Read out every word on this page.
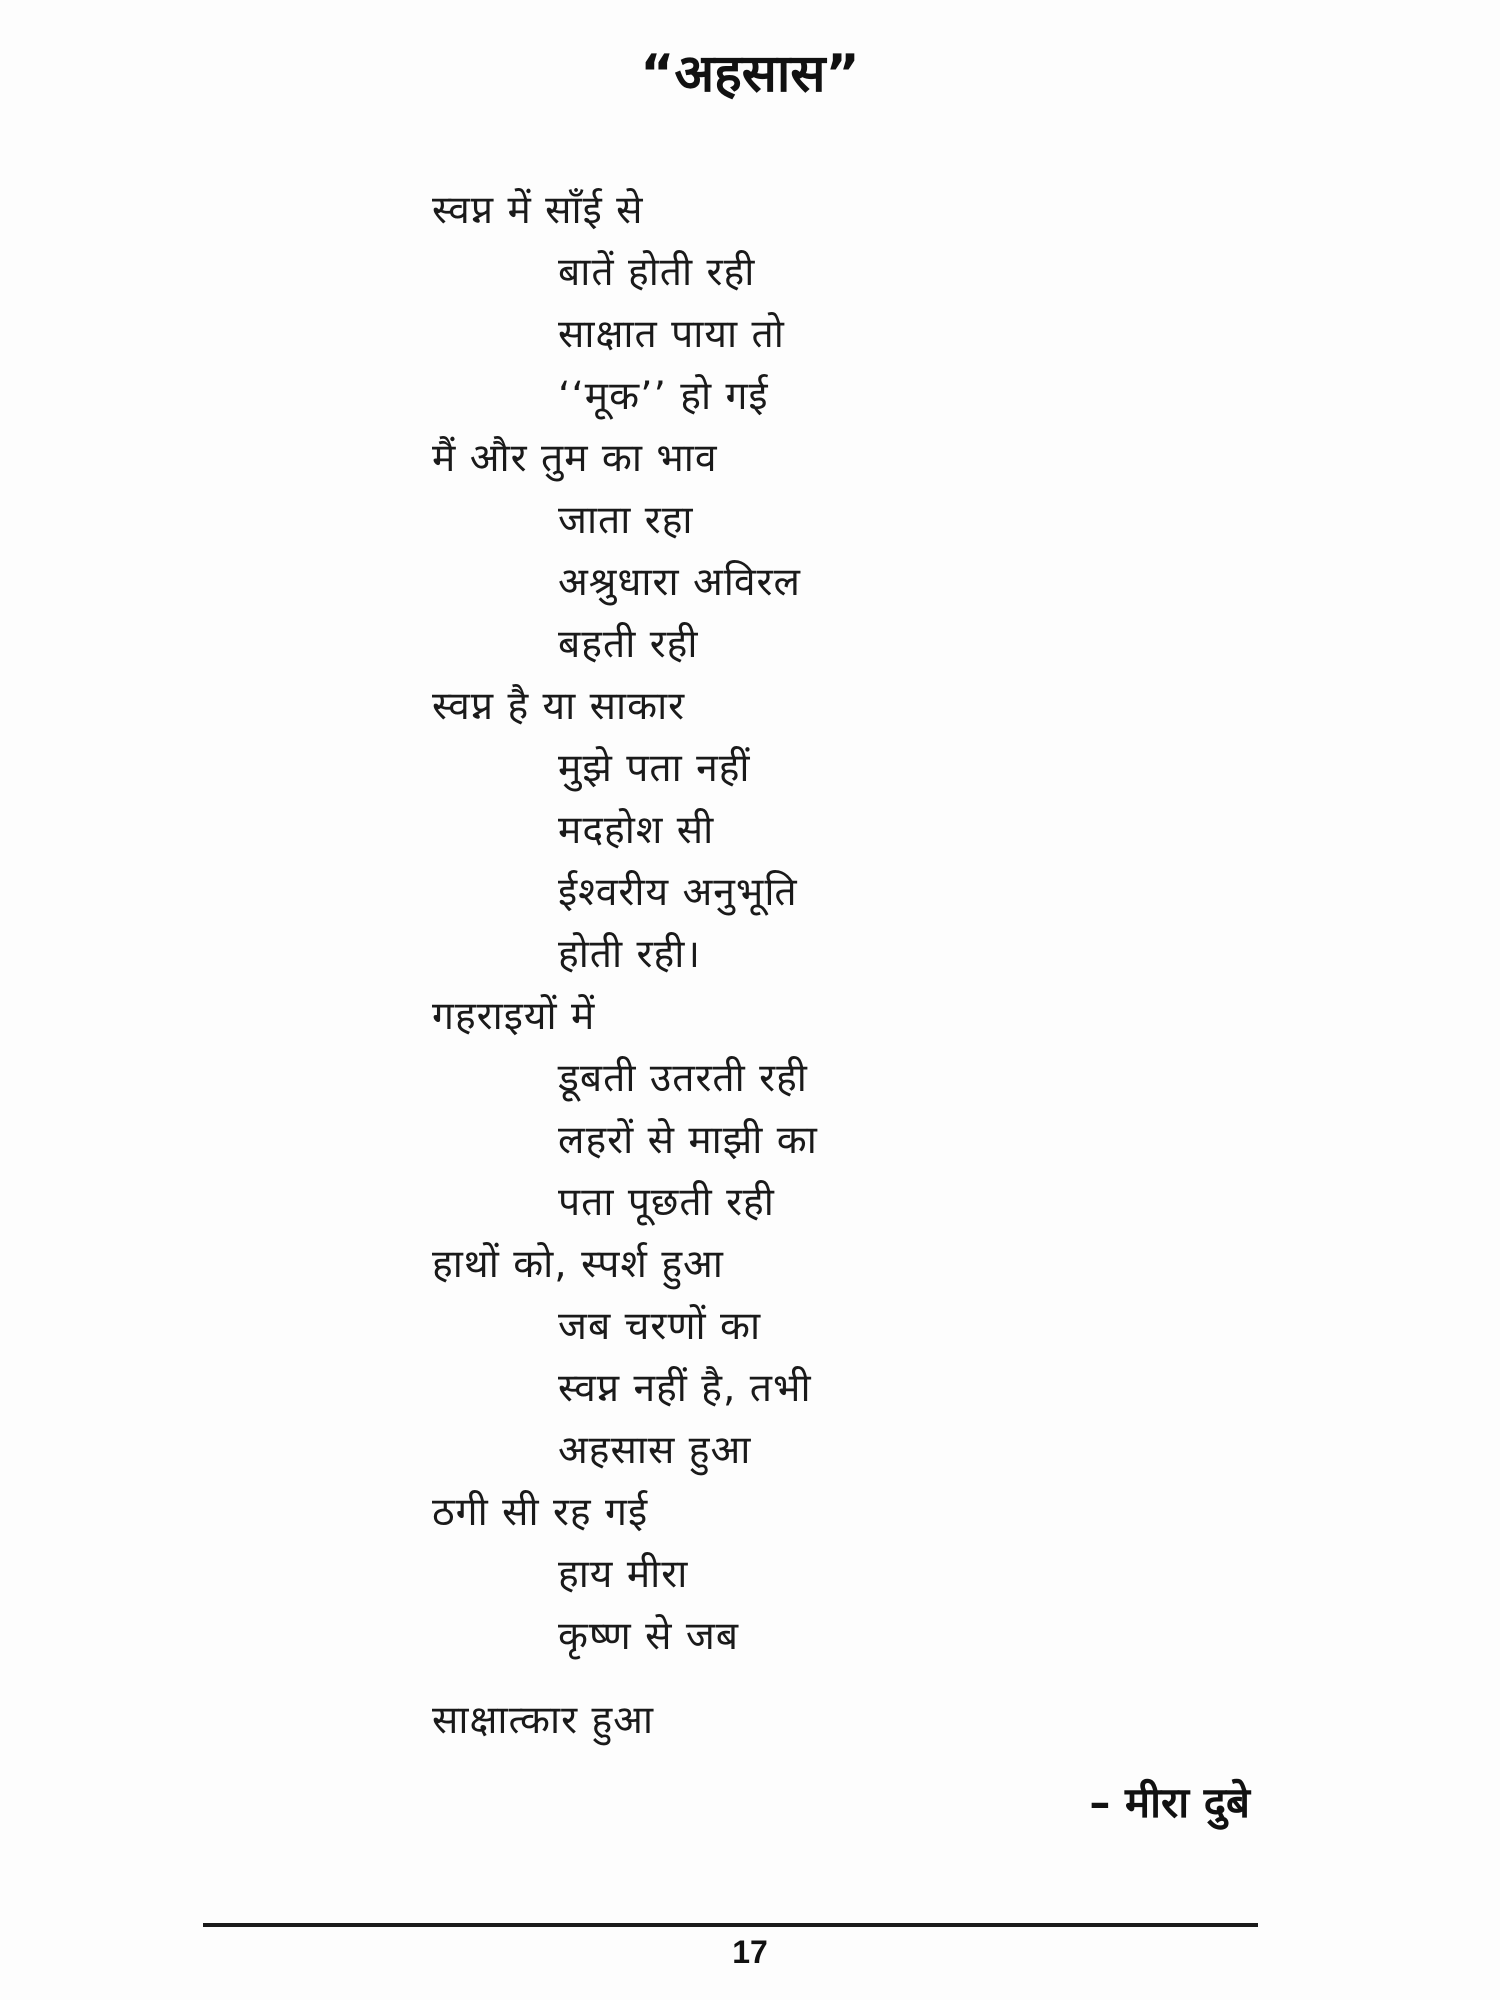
“अहसास”
स्वप्न में साँई से
बातें होती रही
साक्षात पाया तो
‘‘मूक’’ हो गई
मैं और तुम का भाव
जाता रहा
अश्रुधारा अविरल
बहती रही
स्वप्न है या साकार
मुझे पता नहीं
मदहोश सी
ईश्वरीय अनुभूति
होती रही।
गहराइयों में
डूबती उतरती रही
लहरों से माझी का
पता पूछती रही
हाथों को, स्पर्श हुआ
जब चरणों का
स्वप्न नहीं है, तभी
अहसास हुआ
ठगी सी रह गई
हाय मीरा
कृष्ण से जब
साक्षात्कार हुआ

– मीरा दुबे

17
